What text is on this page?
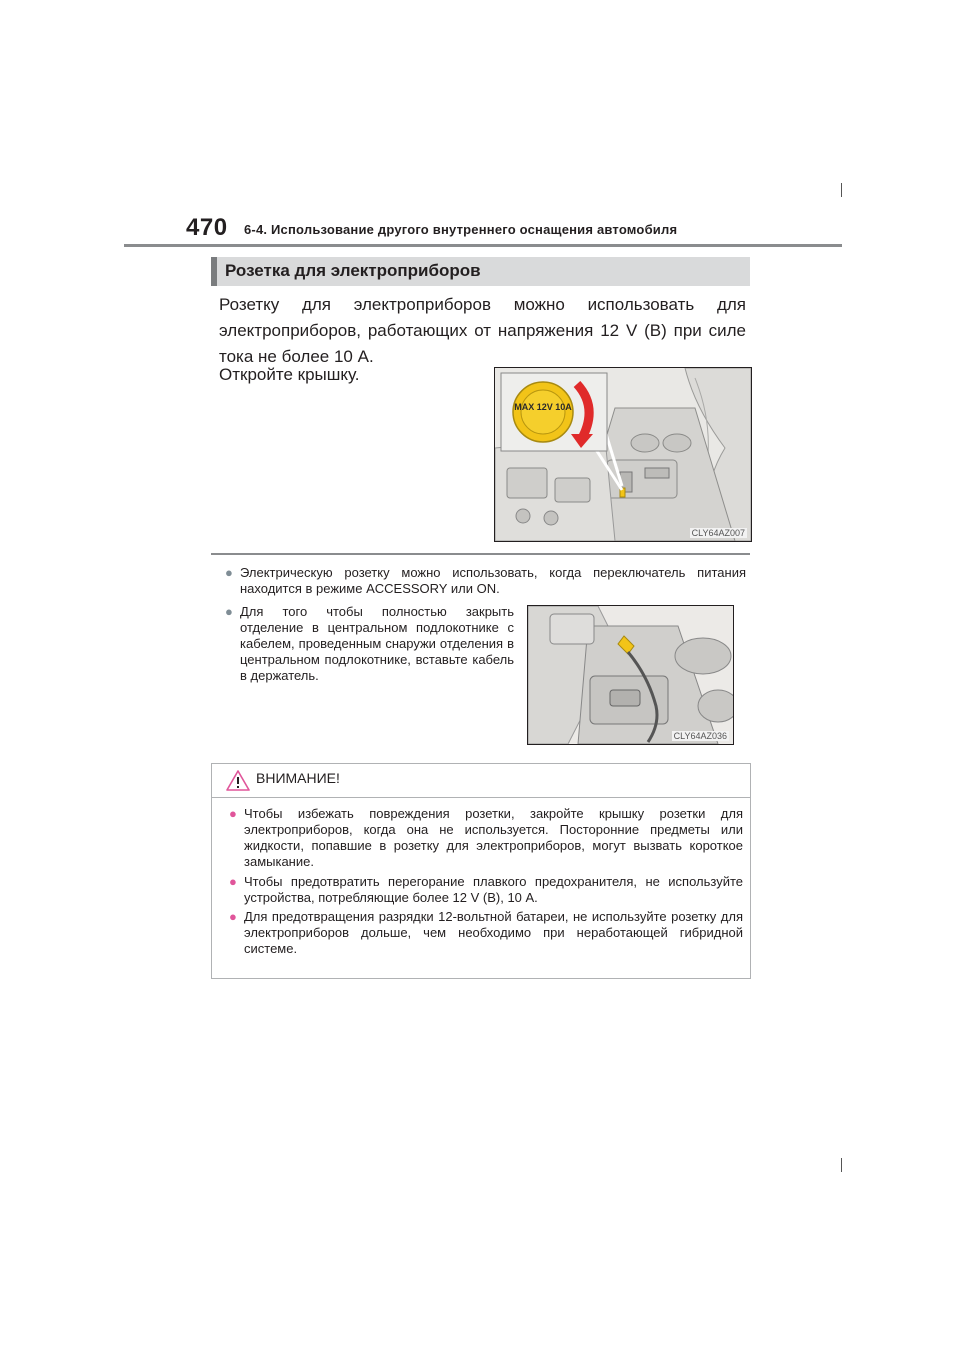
470 6-4. Использование другого внутреннего оснащения автомобиля
Розетка для электроприборов
Розетку для электроприборов можно использовать для электроприборов, работающих от напряжения 12 V (В) при силе тока не более 10 А.
Откройте крышку.
MAX 12V 10A
CLY64AZ007
● Электрическую розетку можно использовать, когда переключатель питания находится в режиме ACCESSORY или ON.
● Для того чтобы полностью закрыть отделение в центральном подлокотнике с кабелем, проведенным снаружи отделения в центральном подлокотнике, вставьте кабель в держатель.
CLY64AZ036
ВНИМАНИЕ!
● Чтобы избежать повреждения розетки, закройте крышку розетки для электроприборов, когда она не используется. Посторонние предметы или жидкости, попавшие в розетку для электроприборов, могут вызвать короткое замыкание.
● Чтобы предотвратить перегорание плавкого предохранителя, не используйте устройства, потребляющие более 12 V (В), 10 А.
● Для предотвращения разрядки 12-вольтной батареи, не используйте розетку для электроприборов дольше, чем необходимо при неработающей гибридной системе.
